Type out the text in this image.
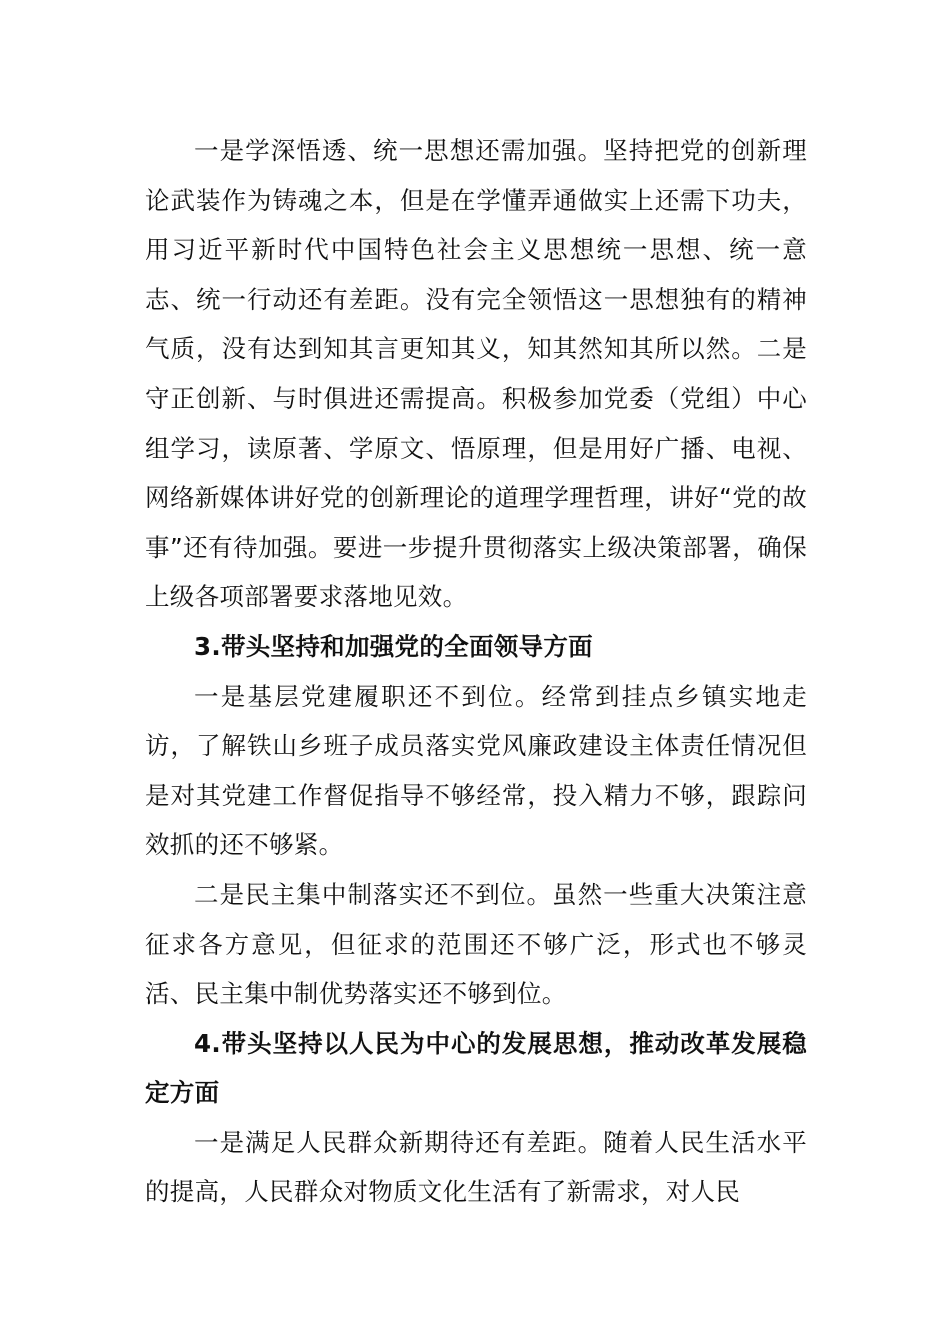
一是学深悟透、统一思想还需加强。坚持把党的创新理论武装作为铸魂之本，但是在学懂弄通做实上还需下功夫，用习近平新时代中国特色社会主义思想统一思想、统一意志、统一行动还有差距。没有完全领悟这一思想独有的精神气质，没有达到知其言更知其义，知其然知其所以然。二是守正创新、与时俱进还需提高。积极参加党委（党组）中心组学习，读原著、学原文、悟原理，但是用好广播、电视、网络新媒体讲好党的创新理论的道理学理哲理，讲好“党的故事”还有待加强。要进一步提升贯彻落实上级决策部署，确保上级各项部署要求落地见效。

3.带头坚持和加强党的全面领导方面

一是基层党建履职还不到位。经常到挂点乡镇实地走访，了解铁山乡班子成员落实党风廉政建设主体责任情况但是对其党建工作督促指导不够经常，投入精力不够，跟踪问效抓的还不够紧。

二是民主集中制落实还不到位。虽然一些重大决策注意征求各方意见，但征求的范围还不够广泛，形式也不够灵活、民主集中制优势落实还不够到位。

4.带头坚持以人民为中心的发展思想，推动改革发展稳定方面

一是满足人民群众新期待还有差距。随着人民生活水平的提高，人民群众对物质文化生活有了新需求，对人民
